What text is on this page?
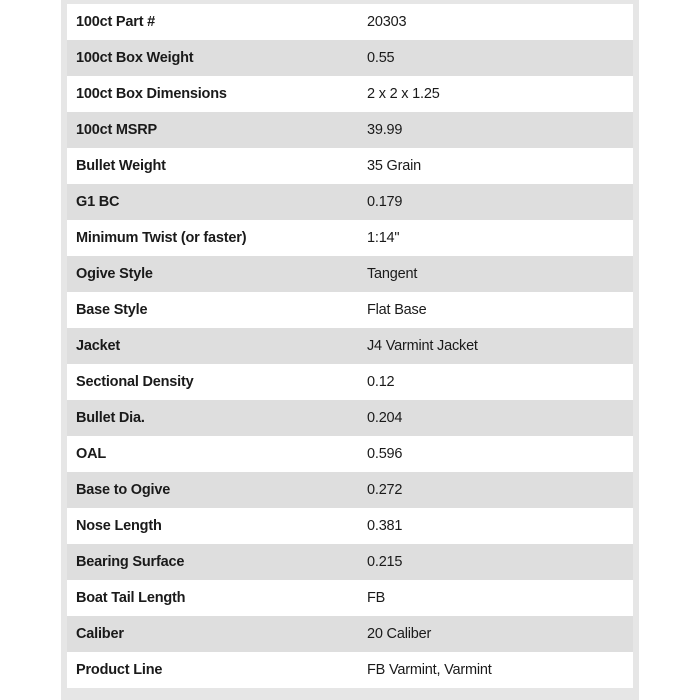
100ct Part #	20303
100ct Box Weight	0.55
100ct Box Dimensions	2 x 2 x 1.25
100ct MSRP	39.99
Bullet Weight	35 Grain
G1 BC	0.179
Minimum Twist (or faster)	1:14"
Ogive Style	Tangent
Base Style	Flat Base
Jacket	J4 Varmint Jacket
Sectional Density	0.12
Bullet Dia.	0.204
OAL	0.596
Base to Ogive	0.272
Nose Length	0.381
Bearing Surface	0.215
Boat Tail Length	FB
Caliber	20 Caliber
Product Line	FB Varmint, Varmint
